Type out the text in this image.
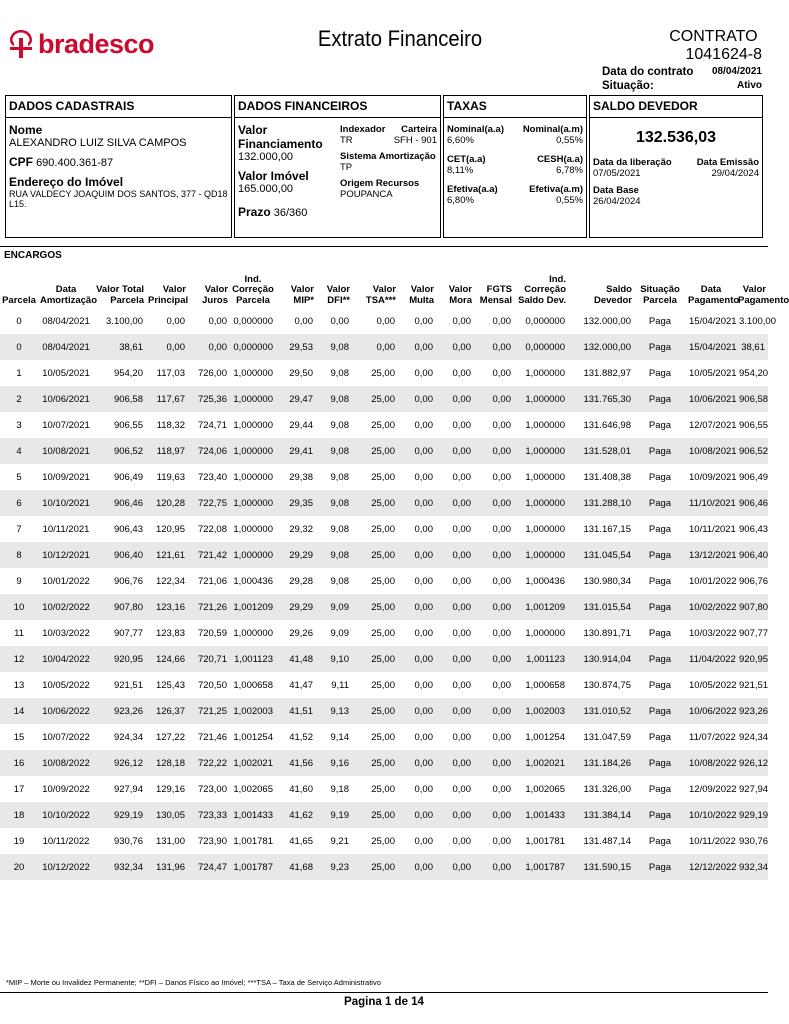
bradesco	Extrato Financeiro	CONTRATO  1041624-8
Data do contrato 08/04/2021
Situação:	Ativo
DADOS CADASTRAIS
Nome
ALEXANDRO LUIZ SILVA CAMPOS
CPF 690.400.361-87
Endereço do Imóvel
RUA VALDECY JOAQUIM DOS SANTOS, 377 - QD18 L15.
DADOS FINANCEIROS
Valor Financiamento
132.000,00
Valor Imóvel
165.000,00
Prazo 36/360
Indexador Carteira
TR	SFH - 901
Sistema Amortização
TP
Origem Recursos
POUPANCA
TAXAS
Nominal(a.a) Nominal(a.m)
6,60%	0,55%
CET(a.a)	CESH(a.a)
8,11%	6,78%
Efetiva(a.a)	Efetiva(a.m)
6,80%	0,55%
SALDO DEVEDOR
132.536,03
Data da liberação	Data Emissão
07/05/2021	29/04/2024
Data Base
26/04/2024
ENCARGOS
Parcela	Data Amortização	Valor Total Parcela	Valor Principal	Valor Juros	Ind. Correção Parcela	Valor MIP*	Valor DFI**	Valor TSA***	Valor Multa	Valor Mora	FGTS Mensal	Ind. Correção Saldo Dev.	Saldo Devedor	Situação Parcela	Data Pagamento	Valor Pagamento
0	08/04/2021	3.100,00	0,00	0,00	0,000000	0,00	0,00	0,00	0,00	0,00	0,00	0,000000	132.000,00	Paga	15/04/2021	3.100,00
0	08/04/2021	38,61	0,00	0,00	0,000000	29,53	9,08	0,00	0,00	0,00	0,00	0,000000	132.000,00	Paga	15/04/2021	38,61
1	10/05/2021	954,20	117,03	726,00	1,000000	29,50	9,08	25,00	0,00	0,00	0,00	1,000000	131.882,97	Paga	10/05/2021	954,20
2	10/06/2021	906,58	117,67	725,36	1,000000	29,47	9,08	25,00	0,00	0,00	0,00	1,000000	131.765,30	Paga	10/06/2021	906,58
3	10/07/2021	906,55	118,32	724,71	1,000000	29,44	9,08	25,00	0,00	0,00	0,00	1,000000	131.646,98	Paga	12/07/2021	906,55
4	10/08/2021	906,52	118,97	724,06	1,000000	29,41	9,08	25,00	0,00	0,00	0,00	1,000000	131.528,01	Paga	10/08/2021	906,52
5	10/09/2021	906,49	119,63	723,40	1,000000	29,38	9,08	25,00	0,00	0,00	0,00	1,000000	131.408,38	Paga	10/09/2021	906,49
6	10/10/2021	906,46	120,28	722,75	1,000000	29,35	9,08	25,00	0,00	0,00	0,00	1,000000	131.288,10	Paga	11/10/2021	906,46
7	10/11/2021	906,43	120,95	722,08	1,000000	29,32	9,08	25,00	0,00	0,00	0,00	1,000000	131.167,15	Paga	10/11/2021	906,43
8	10/12/2021	906,40	121,61	721,42	1,000000	29,29	9,08	25,00	0,00	0,00	0,00	1,000000	131.045,54	Paga	13/12/2021	906,40
9	10/01/2022	906,76	122,34	721,06	1,000436	29,28	9,08	25,00	0,00	0,00	0,00	1,000436	130.980,34	Paga	10/01/2022	906,76
10	10/02/2022	907,80	123,16	721,26	1,001209	29,29	9,09	25,00	0,00	0,00	0,00	1,001209	131.015,54	Paga	10/02/2022	907,80
11	10/03/2022	907,77	123,83	720,59	1,000000	29,26	9,09	25,00	0,00	0,00	0,00	1,000000	130.891,71	Paga	10/03/2022	907,77
12	10/04/2022	920,95	124,66	720,71	1,001123	41,48	9,10	25,00	0,00	0,00	0,00	1,001123	130.914,04	Paga	11/04/2022	920,95
13	10/05/2022	921,51	125,43	720,50	1,000658	41,47	9,11	25,00	0,00	0,00	0,00	1,000658	130.874,75	Paga	10/05/2022	921,51
14	10/06/2022	923,26	126,37	721,25	1,002003	41,51	9,13	25,00	0,00	0,00	0,00	1,002003	131.010,52	Paga	10/06/2022	923,26
15	10/07/2022	924,34	127,22	721,46	1,001254	41,52	9,14	25,00	0,00	0,00	0,00	1,001254	131.047,59	Paga	11/07/2022	924,34
16	10/08/2022	926,12	128,18	722,22	1,002021	41,56	9,16	25,00	0,00	0,00	0,00	1,002021	131.184,26	Paga	10/08/2022	926,12
17	10/09/2022	927,94	129,16	723,00	1,002065	41,60	9,18	25,00	0,00	0,00	0,00	1,002065	131.326,00	Paga	12/09/2022	927,94
18	10/10/2022	929,19	130,05	723,33	1,001433	41,62	9,19	25,00	0,00	0,00	0,00	1,001433	131.384,14	Paga	10/10/2022	929,19
19	10/11/2022	930,76	131,00	723,90	1,001781	41,65	9,21	25,00	0,00	0,00	0,00	1,001781	131.487,14	Paga	10/11/2022	930,76
20	10/12/2022	932,34	131,96	724,47	1,001787	41,68	9,23	25,00	0,00	0,00	0,00	1,001787	131.590,15	Paga	12/12/2022	932,34
*MIP – Morte ou Invalidez Permanente; **DFI – Danos Físico ao Imóvel; ***TSA – Taxa de Serviço Administrativo
Pagina 1 de 14
